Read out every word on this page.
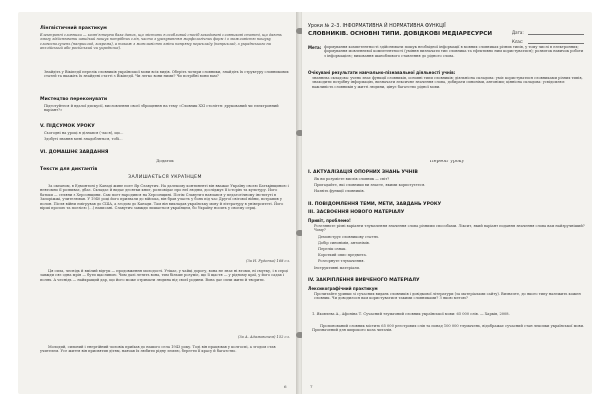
Лінгвістичний практикум
Електронні словники — комп’ютерна база даних, що містить в особливий спосіб закодовані словникові статті, що дають змогу здійснювати швидкий пошук потрібних слів, часто з урахуванням морфологічних форм і з можливістю пошуку словосполучень (наприклад, зокрема), а також з можливістю зміни напряму перекладу (наприклад, з українського на англійський або російський чи українські).
• Знайдіть у Вікіпедії перелік словників української мови всіх видів. Оберіть чотири словники, знайдіть їх структуру словникових статей та вкажіть їх знайдені статті з Вікіпедії. Чи легко вони ними? Чи потрібні вони вам?
Мистецтво переконувати
• Підготуйтеся й вдалої дискусії, висловлення своєї зброщення на тему «Словник ХХІ століття: друкований чи електронний варіант?»
V. ПІДСУМОК УРОКУ
• Сьогодні на уроці я дізнався (-лася), що…
• Здобуті знання мені знадобляться, тобі…
VI. ДОМАШНЄ ЗАВДАННЯ
Додаток
Тексти для диктантів
ЗАЛИШАЄТЬСЯ УКРАЇНЦЕМ
За океаном, в Едмонтоні у Канаді живе поет Яр Славутич. На далекому континенті він вважає Україну своєю Батьківщиною і невтомно її розвиває, дбає. Складає й видає десятки книг, розповідає про неї людям, досліджує її історію та культуру. Його батьки — селяни з Херсонщини. Сам поет народився на Херсонщині. Потім Славутич навчався у педагогічному інституті в Запоріжжі, учителював. У 1940 році його призвали до війська, він брав участь у боях під час Другої світової війни, потрапив у полон. Після війни емігрував до США, а згодом до Канади. Там він викладав українську мову й літературу в університеті. Його вірші прозою та поезією (…) написані. Славутич завжди лишається українцем, бо Україну носить у своєму серці.
(За Н. Руденко) 168 сл.
Ця сила, чеснідь й вмілий відгук — продовження молодості. Утікає, у чайці дорогу, вона не знає ні втоми, ні смутку, і в серці завжди сяє одна мрія — бути щасливою. Чим далі летить вона, тим більше розуміє, що її щастя — у рідному краї, у його садах і полях. А чеснідь — найкращий дар, що його може отримати людина від своєї родини. Вона дає сили жити й творити.
(За А. Адамовичем) 152 сл.
Молодий, сильний і енергійний чоловік приїхав до нашого села 1943 року. Тоді він працював у колгоспі, а згодом став учителем. Усе життя він присвятив дітям, навчав їх любити рідну землю, берегти її красу й багатство.
6
Уроки № 2–3. ІНФОРМАТИВНА Й НОРМАТИВНА ФУНКЦІЇ
СЛОВНИКІВ. ОСНОВНІ ТИПИ. ДОВІДКОВІ МЕДІАРЕСУРСИ	Дата:
Клас:
Мета: формування компетентності здійснювати пошук необхідної інформації в мовних словниках різних типів, у тому числі в електронних; формування мовленнєвої компетентності (уміння визначати тип словника та ефективно ним користуватися); розвиток навичок роботи з інформацією; виховання шанобливого ставлення до рідного слова.
Очікувані результати навчально-пізнавальної діяльності учнів:
знаннєва складова: учень знає функції словників, основні типи словників; діяльнісна складова: уміє користуватися словниками різних типів, знаходити потрібну інформацію, визначати лексичне значення слова, добирати синоніми, антоніми; ціннісна складова: усвідомлює важливість словників у житті людини, цінує багатство рідної мови.
Перебіг уроку
I. АКТУАЛІЗАЦІЯ ОПОРНИХ ЗНАНЬ УЧНІВ
• Як ви розумієте вислів словник — світ?
• Пригадайте, які словники ви знаєте, якими користуєтеся.
• Назвіть функції словників.
II. ПОВІДОМЛЕННЯ ТЕМИ, МЕТИ, ЗАВДАНЬ УРОКУ
III. ЗАСВОЄННЯ НОВОГО МАТЕРІАЛУ
Привіт, проблемо!
• Розгляньте різні варіанти тлумачення значення слова різними способами. Ліксит, який варіант подання значення слова вам найзручніший? Чому?
Демонструє словникову статтю.
Добір синонімів, антонімів.
Перелік ознак.
Короткий опис предмета.
Розгорнуте тлумачення.
• Інструктивні матеріали.
IV. ЗАКРІПЛЕННЯ ВИВЧЕНОГО МАТЕРІАЛУ
Лексикографічний практикум
• Прочитайте уривки зі сучасних видань словників і довідкової літератури (за матеріалами сайту). Визначте, до якого типу належить кожен словник. Чи доводилося вам користуватися такими словниками? З якою метою?
1. Яковлева А., Афоніна Т. Сучасний тлумачний словник української мови: 65 000 слів. — Харків, 2008.
Пропонований словник містить 65 000 реєстрових слів та понад 100 000 тлумачень, відображає сучасний стан лексики української мови. Призначений для широкого кола читачів.
7
